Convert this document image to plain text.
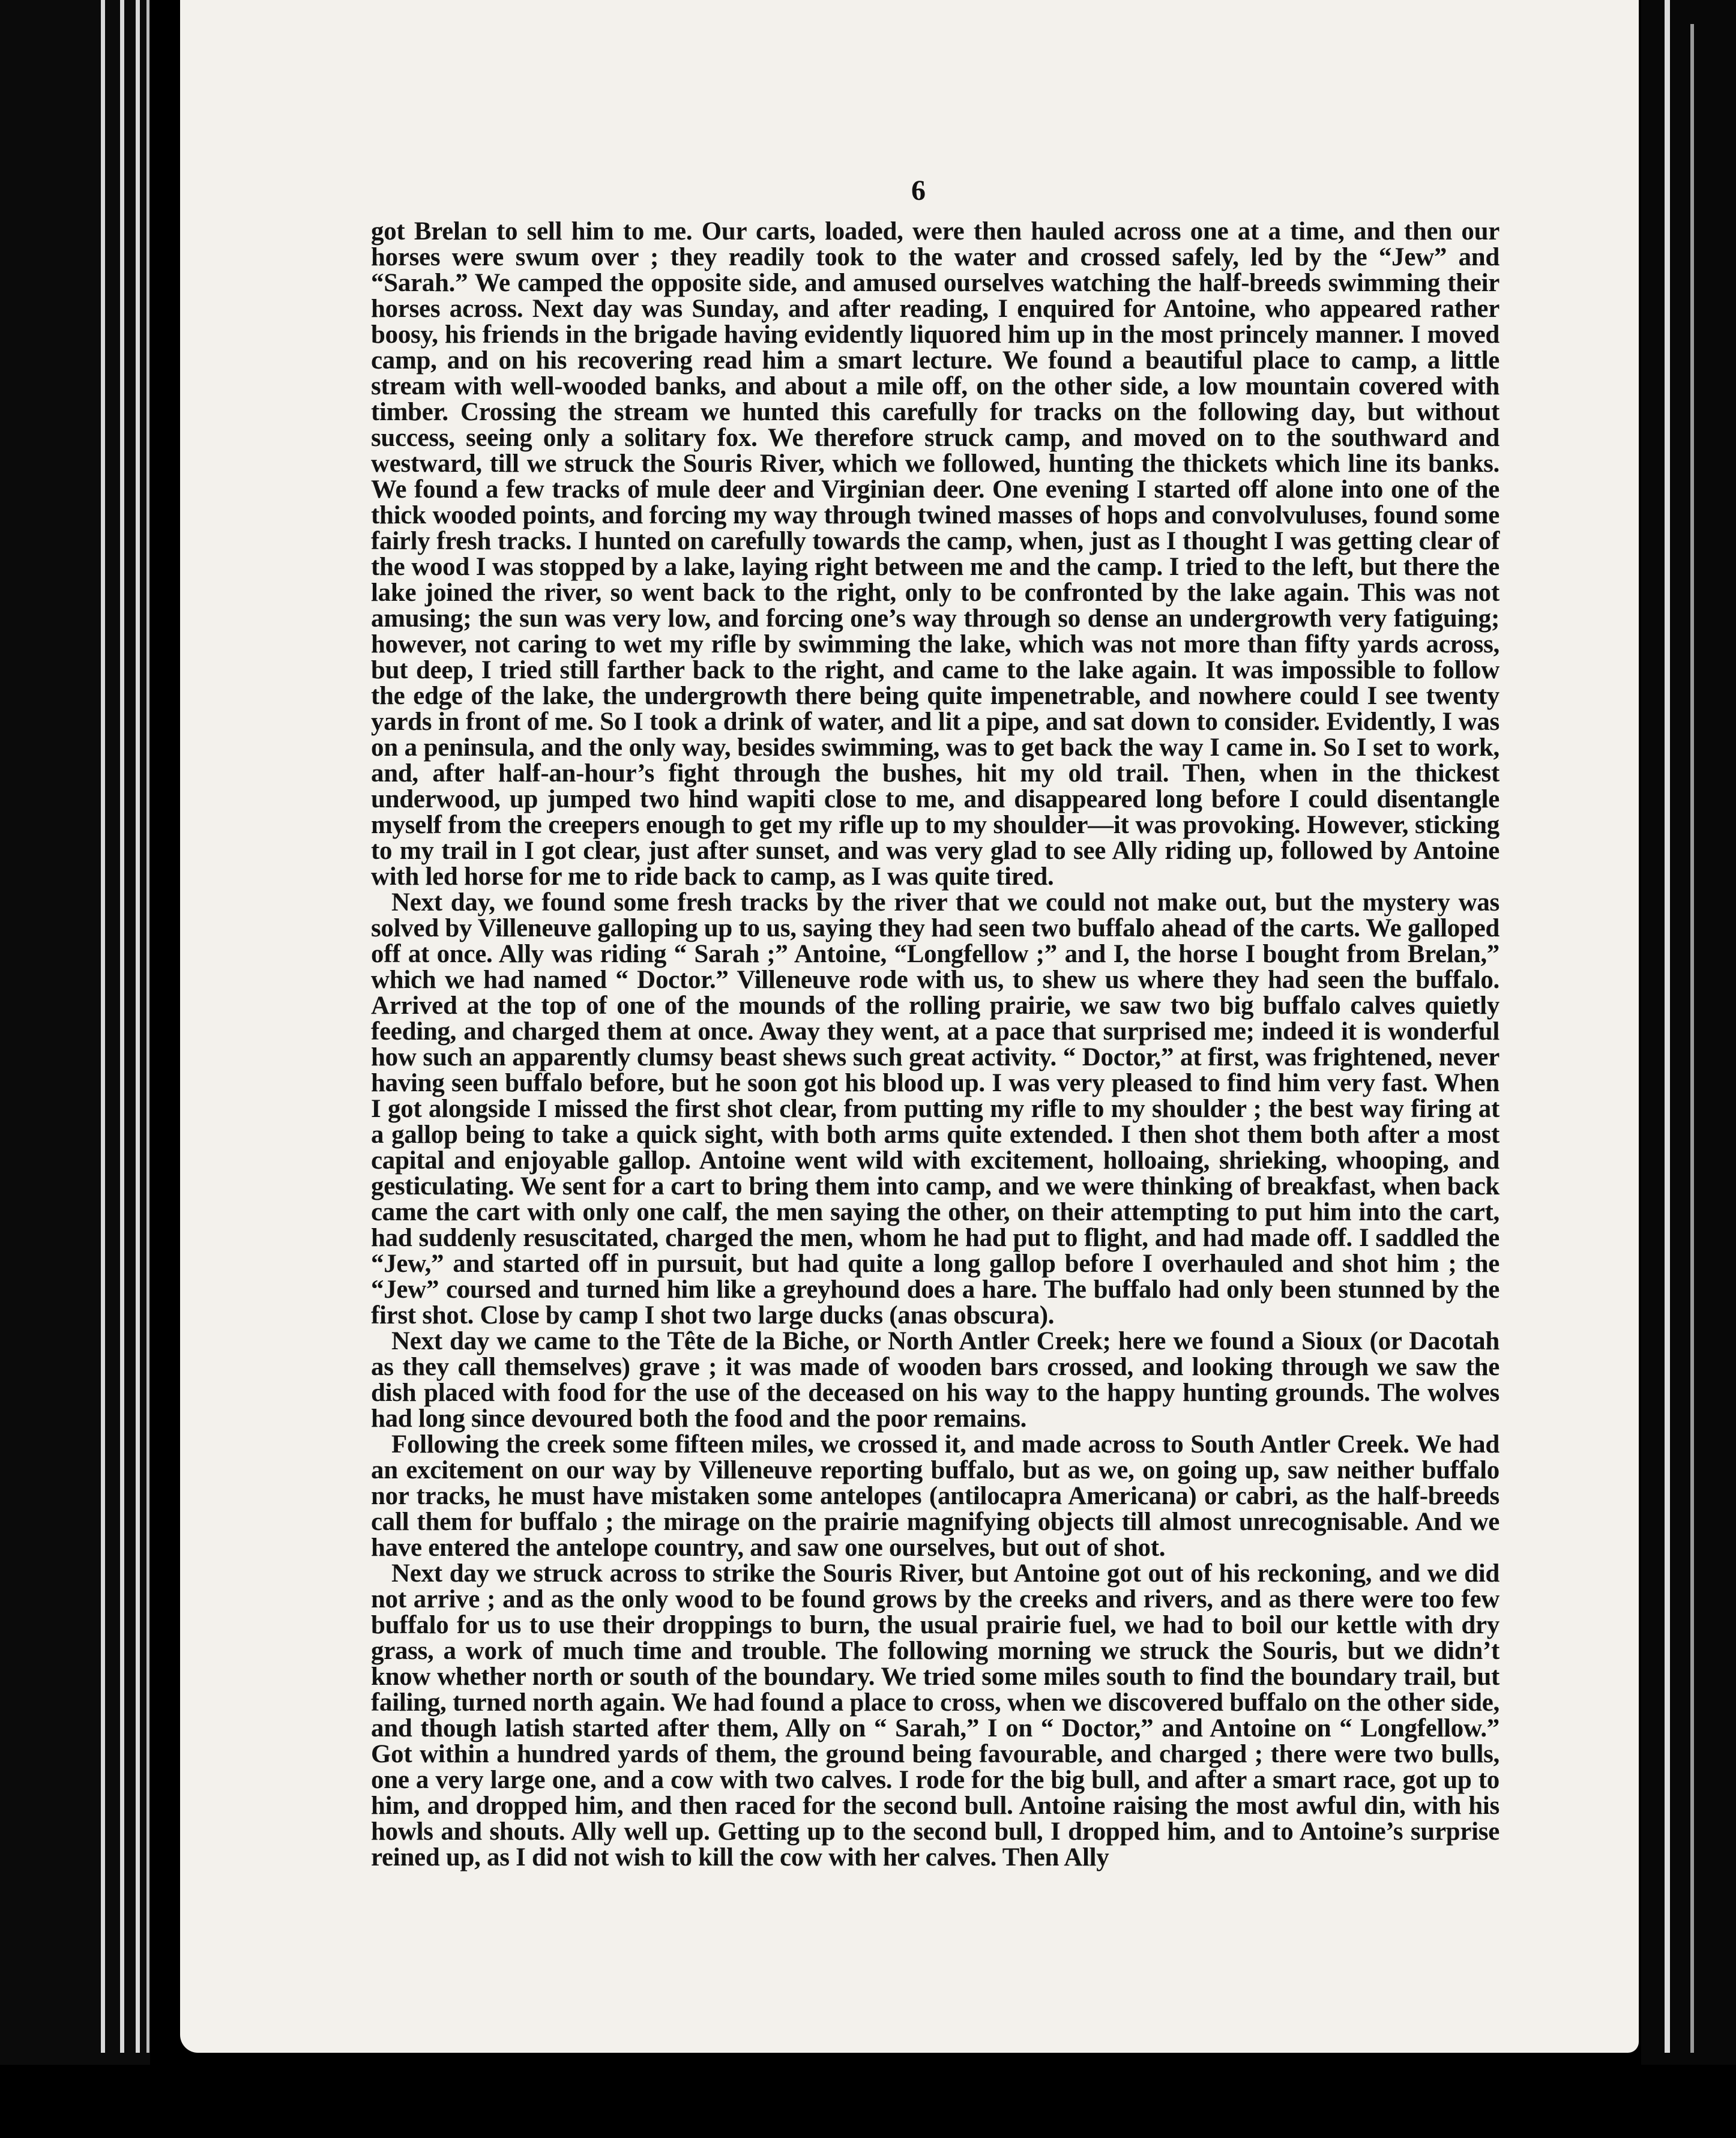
6

got Brelan to sell him to me. Our carts, loaded, were then hauled across one at a time, and then our horses were swum over ; they readily took to the water and crossed safely, led by the “Jew” and “Sarah.” We camped the opposite side, and amused ourselves watching the half-breeds swimming their horses across. Next day was Sunday, and after reading, I enquired for Antoine, who appeared rather boosy, his friends in the brigade having evidently liquored him up in the most princely manner. I moved camp, and on his recovering read him a smart lecture. We found a beautiful place to camp, a little stream with well-wooded banks, and about a mile off, on the other side, a low mountain covered with timber. Crossing the stream we hunted this carefully for tracks on the following day, but without success, seeing only a solitary fox. We therefore struck camp, and moved on to the southward and westward, till we struck the Souris River, which we followed, hunting the thickets which line its banks. We found a few tracks of mule deer and Virginian deer. One evening I started off alone into one of the thick wooded points, and forcing my way through twined masses of hops and convolvuluses, found some fairly fresh tracks. I hunted on carefully towards the camp, when, just as I thought I was getting clear of the wood I was stopped by a lake, laying right between me and the camp. I tried to the left, but there the lake joined the river, so went back to the right, only to be confronted by the lake again. This was not amusing; the sun was very low, and forcing one’s way through so dense an undergrowth very fatiguing; however, not caring to wet my rifle by swimming the lake, which was not more than fifty yards across, but deep, I tried still farther back to the right, and came to the lake again. It was impossible to follow the edge of the lake, the undergrowth there being quite impenetrable, and nowhere could I see twenty yards in front of me. So I took a drink of water, and lit a pipe, and sat down to consider. Evidently, I was on a peninsula, and the only way, besides swimming, was to get back the way I came in. So I set to work, and, after half-an-hour’s fight through the bushes, hit my old trail. Then, when in the thickest underwood, up jumped two hind wapiti close to me, and disappeared long before I could disentangle myself from the creepers enough to get my rifle up to my shoulder—it was provoking. However, sticking to my trail in I got clear, just after sunset, and was very glad to see Ally riding up, followed by Antoine with led horse for me to ride back to camp, as I was quite tired.

Next day, we found some fresh tracks by the river that we could not make out, but the mystery was solved by Villeneuve galloping up to us, saying they had seen two buffalo ahead of the carts. We galloped off at once. Ally was riding “ Sarah ;” Antoine, “Longfellow ;” and I, the horse I bought from Brelan,” which we had named “ Doctor.” Villeneuve rode with us, to shew us where they had seen the buffalo. Arrived at the top of one of the mounds of the rolling prairie, we saw two big buffalo calves quietly feeding, and charged them at once. Away they went, at a pace that surprised me; indeed it is wonderful how such an apparently clumsy beast shews such great activity. “ Doctor,” at first, was frightened, never having seen buffalo before, but he soon got his blood up. I was very pleased to find him very fast. When I got alongside I missed the first shot clear, from putting my rifle to my shoulder ; the best way firing at a gallop being to take a quick sight, with both arms quite extended. I then shot them both after a most capital and enjoyable gallop. Antoine went wild with excitement, holloaing, shrieking, whooping, and gesticulating. We sent for a cart to bring them into camp, and we were thinking of breakfast, when back came the cart with only one calf, the men saying the other, on their attempting to put him into the cart, had suddenly resuscitated, charged the men, whom he had put to flight, and had made off. I saddled the “Jew,” and started off in pursuit, but had quite a long gallop before I overhauled and shot him ; the “Jew” coursed and turned him like a greyhound does a hare. The buffalo had only been stunned by the first shot. Close by camp I shot two large ducks (anas obscura).

Next day we came to the Tête de la Biche, or North Antler Creek; here we found a Sioux (or Dacotah as they call themselves) grave ; it was made of wooden bars crossed, and looking through we saw the dish placed with food for the use of the deceased on his way to the happy hunting grounds. The wolves had long since devoured both the food and the poor remains.

Following the creek some fifteen miles, we crossed it, and made across to South Antler Creek. We had an excitement on our way by Villeneuve reporting buffalo, but as we, on going up, saw neither buffalo nor tracks, he must have mistaken some antelopes (antilocapra Americana) or cabri, as the half-breeds call them for buffalo ; the mirage on the prairie magnifying objects till almost unrecognisable. And we have entered the antelope country, and saw one ourselves, but out of shot.

Next day we struck across to strike the Souris River, but Antoine got out of his reckoning, and we did not arrive ; and as the only wood to be found grows by the creeks and rivers, and as there were too few buffalo for us to use their droppings to burn, the usual prairie fuel, we had to boil our kettle with dry grass, a work of much time and trouble. The following morning we struck the Souris, but we didn’t know whether north or south of the boundary. We tried some miles south to find the boundary trail, but failing, turned north again. We had found a place to cross, when we discovered buffalo on the other side, and though latish started after them, Ally on “ Sarah,” I on “ Doctor,” and Antoine on “ Longfellow.” Got within a hundred yards of them, the ground being favourable, and charged ; there were two bulls, one a very large one, and a cow with two calves. I rode for the big bull, and after a smart race, got up to him, and dropped him, and then raced for the second bull. Antoine raising the most awful din, with his howls and shouts. Ally well up. Getting up to the second bull, I dropped him, and to Antoine’s surprise reined up, as I did not wish to kill the cow with her calves. Then Ally
